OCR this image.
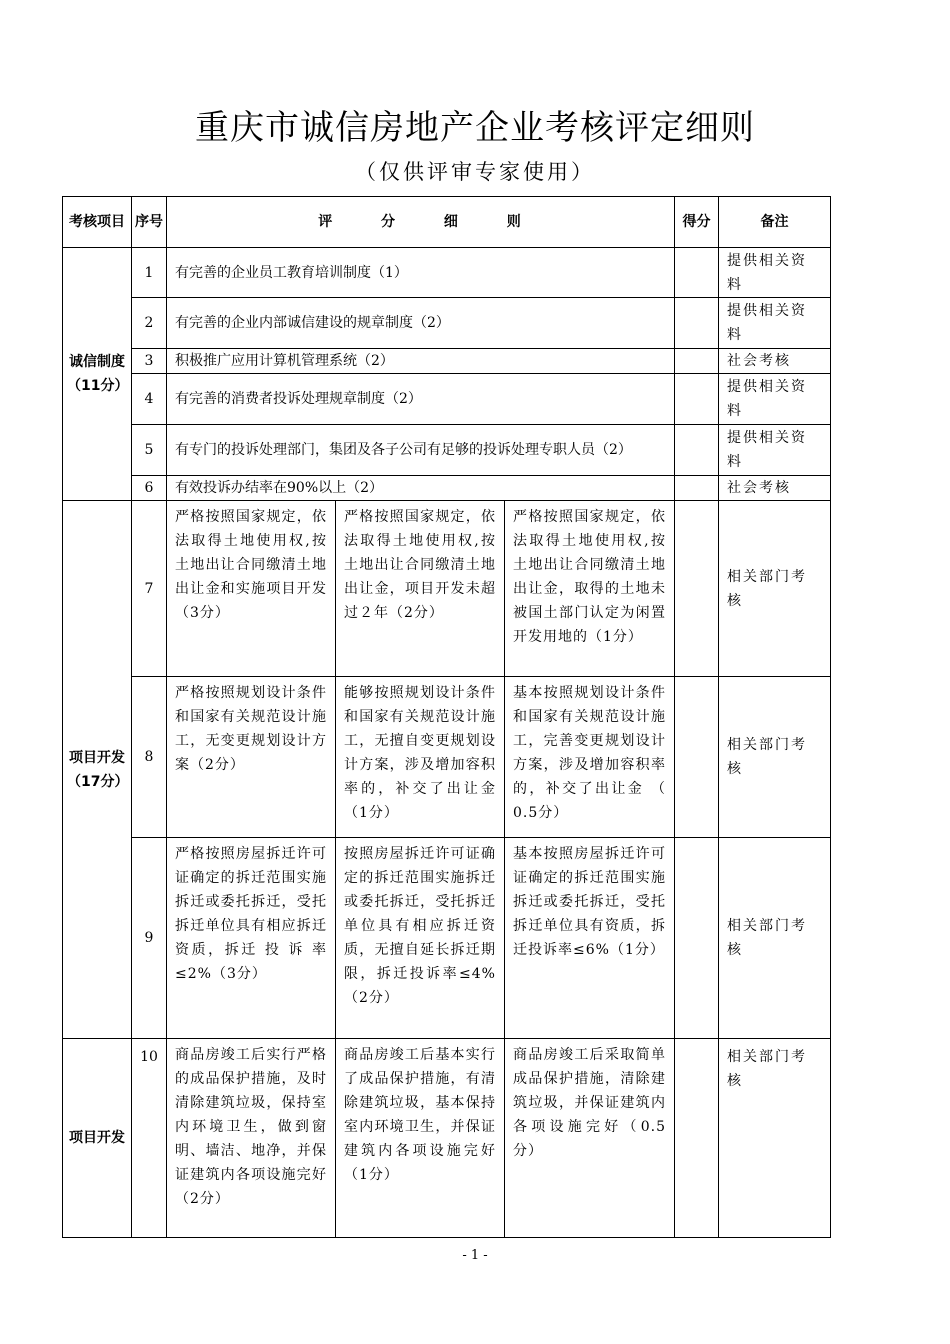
重庆市诚信房地产企业考核评定细则
（仅供评审专家使用）
考核项目	序号	评 分 细 则			得分	备注
诚信制度（11分）	1	有完善的企业员工教育培训制度（1）				提供相关资料
	2	有完善的企业内部诚信建设的规章制度（2）				提供相关资料
	3	积极推广应用计算机管理系统（2）				社会考核
	4	有完善的消费者投诉处理规章制度（2）				提供相关资料
	5	有专门的投诉处理部门，集团及各子公司有足够的投诉处理专职人员（2）				提供相关资料
	6	有效投诉办结率在90%以上（2）				社会考核
项目开发（17分）	7	严格按照国家规定，依法取得土地使用权,按土地出让合同缴清土地出让金和实施项目开发（3分）	严格按照国家规定，依法取得土地使用权,按土地出让合同缴清土地出让金，项目开发未超过２年（2分）	严格按照国家规定，依法取得土地使用权,按土地出让合同缴清土地出让金，取得的土地未被国土部门认定为闲置开发用地的（1分）		相关部门考核
	8	严格按照规划设计条件和国家有关规范设计施工，无变更规划设计方案（2分）	能够按照规划设计条件和国家有关规范设计施工，无擅自变更规划设计方案，涉及增加容积率的，补交了出让金 （1分）	基本按照规划设计条件和国家有关规范设计施工，完善变更规划设计方案，涉及增加容积率的，补交了出让金 （ 0.5分）		相关部门考核
	9	严格按照房屋拆迁许可证确定的拆迁范围实施拆迁或委托拆迁，受托拆迁单位具有相应拆迁资质，拆迁 投 诉 率≤2%（3分）	按照房屋拆迁许可证确定的拆迁范围实施拆迁或委托拆迁，受托拆迁单位具有相应拆迁资质，无擅自延长拆迁期限，拆迁投诉率≤4% （2分）	基本按照房屋拆迁许可证确定的拆迁范围实施拆迁或委托拆迁，受托拆迁单位具有资质，拆迁投诉率≤6%（1分）		相关部门考核
项目开发	10	商品房竣工后实行严格的成品保护措施，及时清除建筑垃圾，保持室内环境卫生，做到窗明、墙洁、地净，并保证建筑内各项设施完好 （2分）	商品房竣工后基本实行了成品保护措施，有清除建筑垃圾，基本保持室内环境卫生，并保证建筑内各项设施完好（1分）	商品房竣工后采取简单成品保护措施，清除建筑垃圾，并保证建筑内各项设施完好（0.5分）		相关部门考核
- 1 -
